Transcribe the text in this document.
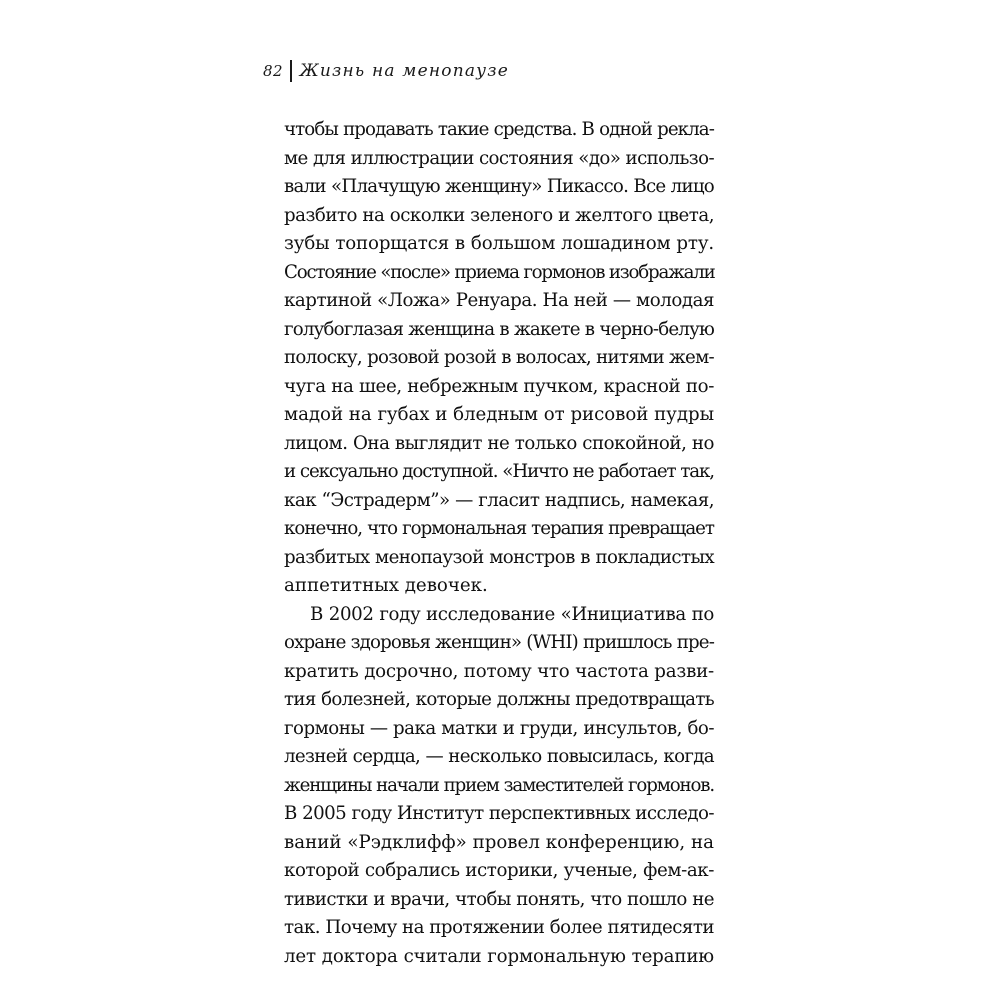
82 Жизнь на менопаузе
чтобы продавать такие средства. В одной рекла-
ме для иллюстрации состояния «до» использо-
вали «Плачущую женщину» Пикассо. Все лицо
разбито на осколки зеленого и желтого цвета,
зубы топорщатся в большом лошадином рту.
Состояние «после» приема гормонов изображали
картиной «Ложа» Ренуара. На ней — молодая
голубоглазая женщина в жакете в черно-белую
полоску, розовой розой в волосах, нитями жем-
чуга на шее, небрежным пучком, красной по-
мадой на губах и бледным от рисовой пудры
лицом. Она выглядит не только спокойной, но
и сексуально доступной. «Ничто не работает так,
как “Эстрадерм”» — гласит надпись, намекая,
конечно, что гормональная терапия превращает
разбитых менопаузой монстров в покладистых
аппетитных девочек.
В 2002 году исследование «Инициатива по
охране здоровья женщин» (WHI) пришлось пре-
кратить досрочно, потому что частота разви-
тия болезней, которые должны предотвращать
гормоны — рака матки и груди, инсультов, бо-
лезней сердца, — несколько повысилась, когда
женщины начали прием заместителей гормонов.
В 2005 году Институт перспективных исследо-
ваний «Рэдклифф» провел конференцию, на
которой собрались историки, ученые, фем-ак-
тивистки и врачи, чтобы понять, что пошло не
так. Почему на протяжении более пятидесяти
лет доктора считали гормональную терапию
